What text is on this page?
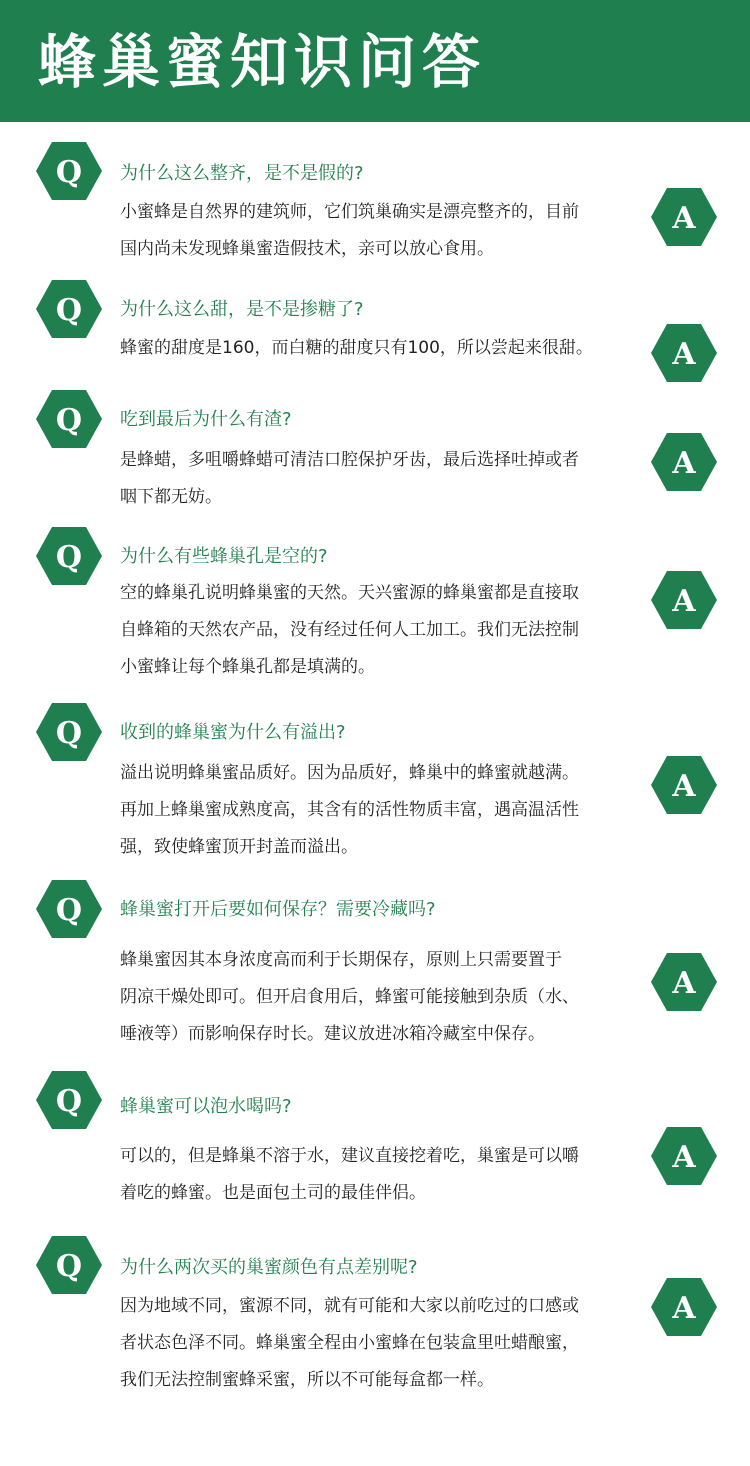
蜂巢蜜知识问答
Q 为什么这么整齐，是不是假的?

小蜜蜂是自然界的建筑师，它们筑巢确实是漂亮整齐的，目前
国内尚未发现蜂巢蜜造假技术，亲可以放心食用。
A
Q 为什么这么甜，是不是掺糖了?

蜂蜜的甜度是160，而白糖的甜度只有100，所以尝起来很甜。	A
Q 吃到最后为什么有渣?

是蜂蜡，多咀嚼蜂蜡可清洁口腔保护牙齿，最后选择吐掉或者
咽下都无妨。
A
Q 为什么有些蜂巢孔是空的?

空的蜂巢孔说明蜂巢蜜的天然。天兴蜜源的蜂巢蜜都是直接取
自蜂箱的天然农产品，没有经过任何人工加工。我们无法控制
小蜜蜂让每个蜂巢孔都是填满的。
A
Q 收到的蜂巢蜜为什么有溢出?

溢出说明蜂巢蜜品质好。因为品质好，蜂巢中的蜂蜜就越满。
再加上蜂巢蜜成熟度高，其含有的活性物质丰富，遇高温活性
强，致使蜂蜜顶开封盖而溢出。
A
Q 蜂巢蜜打开后要如何保存？需要冷藏吗?

蜂巢蜜因其本身浓度高而利于长期保存，原则上只需要置于
阴凉干燥处即可。但开启食用后，蜂蜜可能接触到杂质（水、
唾液等）而影响保存时长。建议放进冰箱冷藏室中保存。
A
Q 蜂巢蜜可以泡水喝吗?

可以的，但是蜂巢不溶于水，建议直接挖着吃，巢蜜是可以嚼
着吃的蜂蜜。也是面包土司的最佳伴侣。
A
Q 为什么两次买的巢蜜颜色有点差别呢?

因为地域不同，蜜源不同，就有可能和大家以前吃过的口感或
者状态色泽不同。蜂巢蜜全程由小蜜蜂在包装盒里吐蜡酿蜜，
我们无法控制蜜蜂采蜜，所以不可能每盒都一样。
A
